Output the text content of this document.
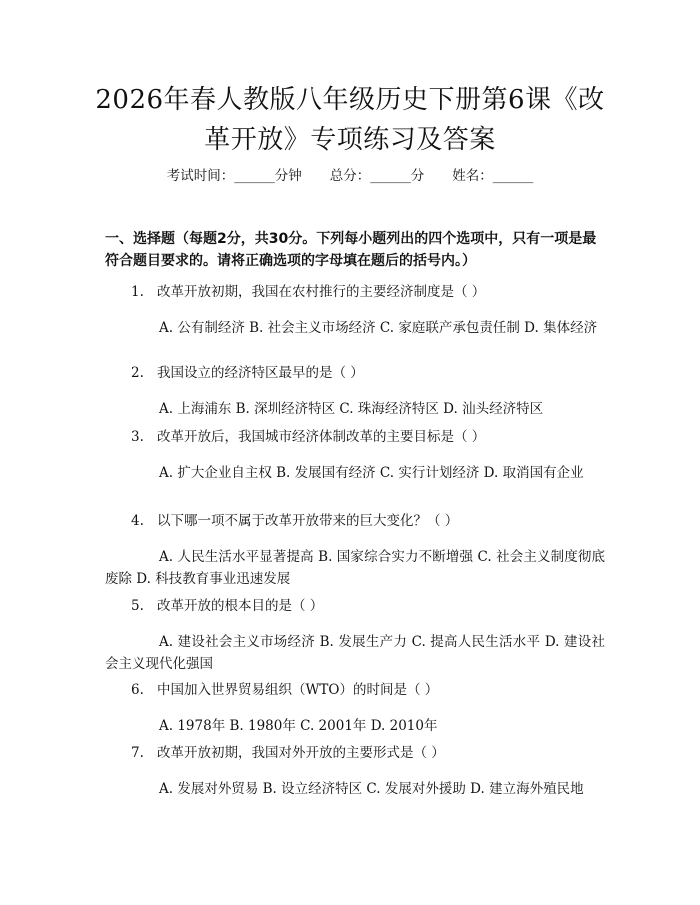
2026年春人教版八年级历史下册第6课《改
革开放》专项练习及答案
考试时间：______分钟 总分：______分 姓名：______

一、选择题（每题2分，共30分。下列每小题列出的四个选项中，只有一项是最符合题目要求的。请将正确选项的字母填在题后的括号内。）

1. 改革开放初期，我国在农村推行的主要经济制度是（ ）
A. 公有制经济 B. 社会主义市场经济 C. 家庭联产承包责任制 D. 集体经济
2. 我国设立的经济特区最早的是（ ）
A. 上海浦东 B. 深圳经济特区 C. 珠海经济特区 D. 汕头经济特区
3. 改革开放后，我国城市经济体制改革的主要目标是（ ）
A. 扩大企业自主权 B. 发展国有经济 C. 实行计划经济 D. 取消国有企业
4. 以下哪一项不属于改革开放带来的巨大变化？（ ）
A. 人民生活水平显著提高 B. 国家综合实力不断增强 C. 社会主义制度彻底废除 D. 科技教育事业迅速发展
5. 改革开放的根本目的是（ ）
A. 建设社会主义市场经济 B. 发展生产力 C. 提高人民生活水平 D. 建设社会主义现代化强国
6. 中国加入世界贸易组织（WTO）的时间是（ ）
A. 1978年 B. 1980年 C. 2001年 D. 2010年
7. 改革开放初期，我国对外开放的主要形式是（ ）
A. 发展对外贸易 B. 设立经济特区 C. 发展对外援助 D. 建立海外殖民地
